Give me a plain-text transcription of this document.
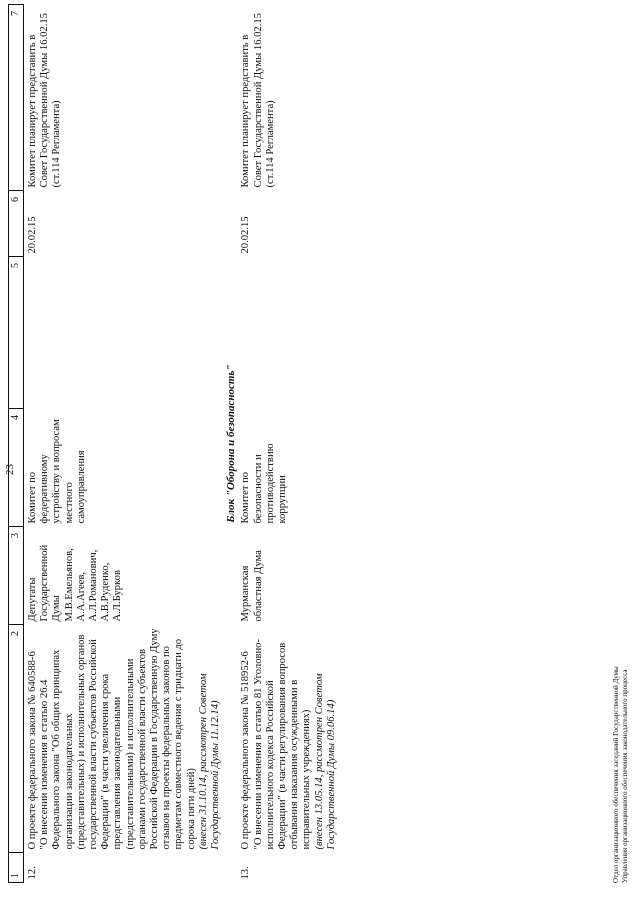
23
1	2	3	4	5	6	7
12.	О проекте федерального закона № 640588-6 "О внесении изменения в статью 26.4 Федерального закона "Об общих принципах организации законодательных (представительных) и исполнительных органов государственной власти субъектов Российской Федерации" (в части увеличения срока представления законодательными (представительными) и исполнительными органами государственной власти субъектов Российской Федерации в Государственную Думу отзывов на проекты федеральных законов по предметам совместного ведения с тридцати до сорока пяти дней) (внесен 31.10.14, рассмотрен Советом Государственной Думы 11.12.14)	Депутаты Государственной Думы М.В.Емельянов, А.А.Агеев, А.Л.Романович, А.В.Руденко, А.Л.Бурков	Комитет по федеративному устройству и вопросам местного самоуправления		20.02.15	Комитет планирует представить в Совет Государственной Думы 16.02.15 (ст.114 Регламента)
Блок "Оборона и безопасность"						
13.	О проекте федерального закона № 518952-6 "О внесении изменения в статью 81 Уголовно-исполнительного кодекса Российской Федерации" (в части регулирования вопросов отбывания наказания осужденными в исправительных учреждениях) (внесен 13.05.14, рассмотрен Советом Государственной Думы 09.06.14)	Мурманская областная Дума	Комитет по безопасности и противодействию коррупции		20.02.15	Комитет планирует представить в Совет Государственной Думы 16.02.15 (ст.114 Регламента)
Отдел организационного обеспечения заседаний Государственной Думы Управления организационного обеспечения законодательного процесса
